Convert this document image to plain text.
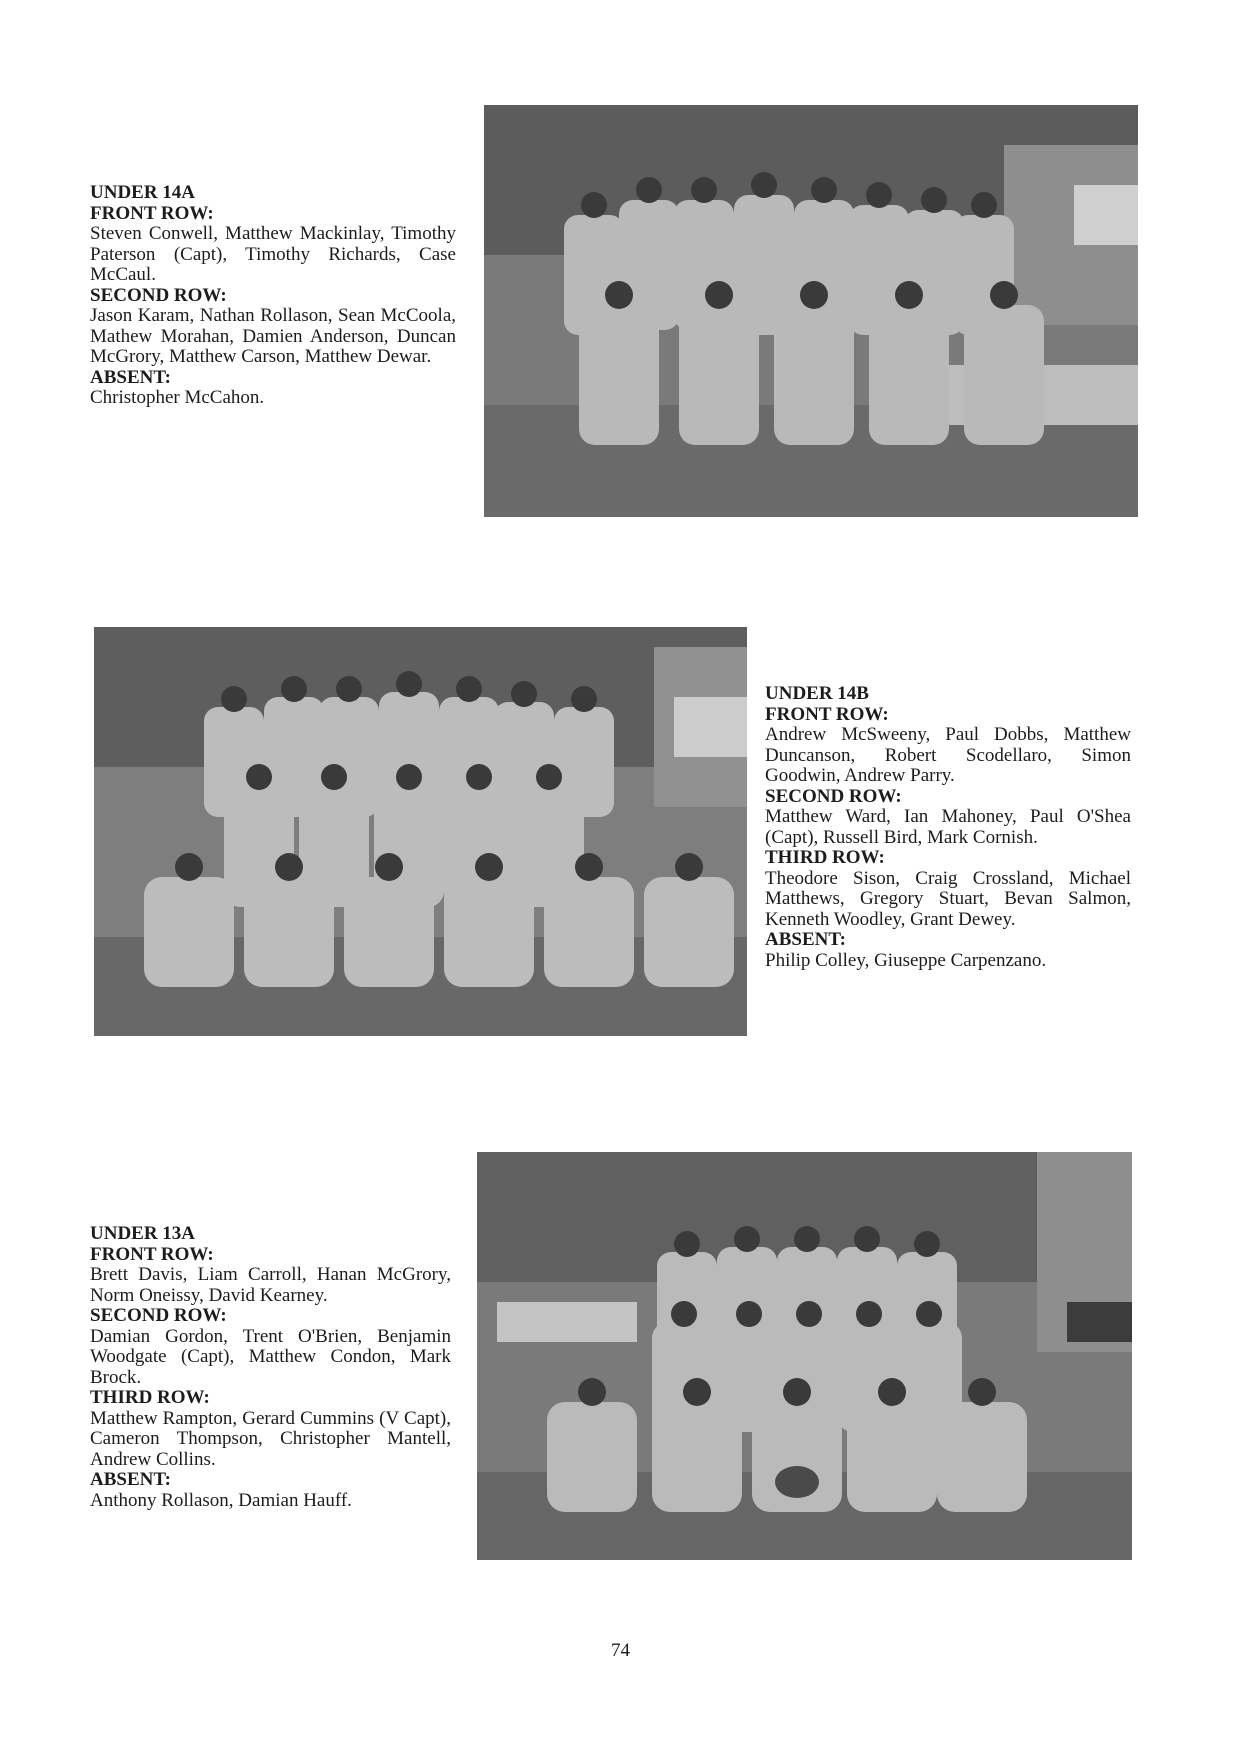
UNDER 14A
FRONT ROW:
Steven Conwell, Matthew Mackinlay, Timothy Paterson (Capt), Timothy Richards, Case McCaul.
SECOND ROW:
Jason Karam, Nathan Rollason, Sean McCoola, Mathew Morahan, Damien Anderson, Duncan McGrory, Matthew Carson, Matthew Dewar.
ABSENT:
Christopher McCahon.
UNDER 14B
FRONT ROW:
Andrew McSweeny, Paul Dobbs, Matthew Duncanson, Robert Scodellaro, Simon Goodwin, Andrew Parry.
SECOND ROW:
Matthew Ward, Ian Mahoney, Paul O'Shea (Capt), Russell Bird, Mark Cornish.
THIRD ROW:
Theodore Sison, Craig Crossland, Michael Matthews, Gregory Stuart, Bevan Salmon, Kenneth Woodley, Grant Dewey.
ABSENT:
Philip Colley, Giuseppe Carpenzano.
UNDER 13A
FRONT ROW:
Brett Davis, Liam Carroll, Hanan McGrory, Norm Oneissy, David Kearney.
SECOND ROW:
Damian Gordon, Trent O'Brien, Benjamin Woodgate (Capt), Matthew Condon, Mark Brock.
THIRD ROW:
Matthew Rampton, Gerard Cummins (V Capt), Cameron Thompson, Christopher Mantell, Andrew Collins.
ABSENT:
Anthony Rollason, Damian Hauff.
74
